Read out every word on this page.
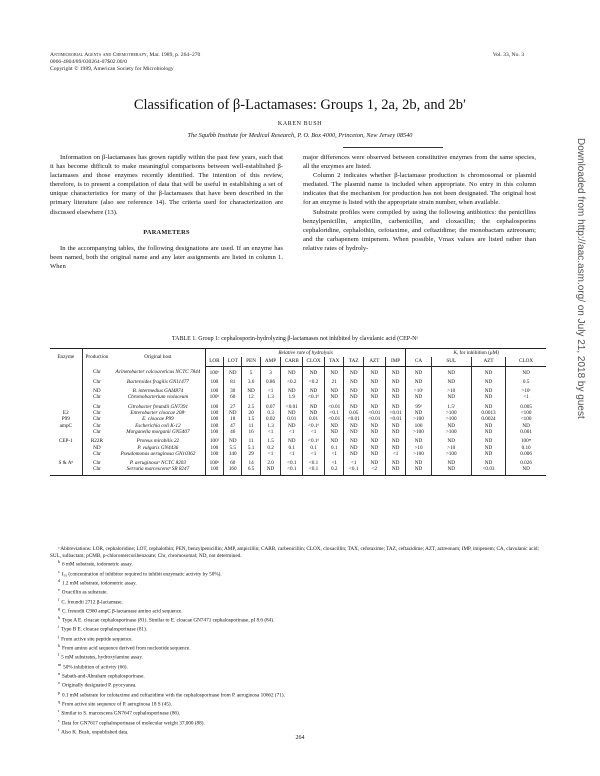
Antimicrobial Agents and Chemotherapy, Mar. 1989, p. 264–270
0066-4804/89/030264-07$02.00/0
Copyright © 1989, American Society for Microbiology
Vol. 33, No. 3
Classification of β-Lactamases: Groups 1, 2a, 2b, and 2b′
KAREN BUSH
The Squibb Institute for Medical Research, P. O. Box 4000, Princeton, New Jersey 08540

Information on β-lactamases has grown rapidly within the past few years, such that it has become difficult to make meaningful comparisons between well-established β-lactamases and those enzymes recently identified. The intention of this review, therefore, is to present a compilation of data that will be useful in establishing a set of unique characteristics for many of the β-lactamases that have been described in the primary literature (also see reference 14). The criteria used for characterization are discussed elsewhere (13).

PARAMETERS

In the accompanying tables, the following designations are used. If an enzyme has been named, both the original name and any later assignments are listed in column 1. When

major differences were observed between constitutive enzymes from the same species, all the enzymes are listed.

Column 2 indicates whether β-lactamase production is chromosomal or plasmid mediated. The plasmid name is included when appropriate. No entry in this column indicates that the mechanism for production has not been designated. The original host for an enzyme is listed with the appropriate strain number, when available.

Substrate profiles were compiled by using the following antibiotics: the penicillins benzylpenicillin, ampicillin, carbenicillin, and cloxacillin; the cephalosporins cephaloridine, cephalothin, cefotaxime, and ceftazidime; the monobactam aztreonam; and the carbapenem imipenem. When possible, Vmax values are listed rather than relative rates of hydroly-

TABLE 1. Group 1: cephalosporin-hydrolyzing β-lactamases not inhibited by clavulanic acid (CEP-Nᵃ
Enzyme	Production	Original host	Relative rate of hydrolysis										Kᵢ for inhibition (μM)			
			LOR	LOT	PEN	AMP	CARB	CLOX	TAX	TAZ	AZT	IMP	CA	SUL	AZT	CLOX
	Chr	Acinetobacter calcoaceticus NCTC 7844	100ᵇ	ND	5	3	ND	ND	ND	ND	ND	ND	ND	ND	ND	ND
	Chr	Bacteroides fragilis GN11477	100	81	3.6	0.86	<0.2	<0.2	21	ND	ND	ND	ND	ND	ND	0.5
	ND	B. intermedius GAI4874	100	30	ND	<1	ND	ND	ND	ND	ND	ND	>10ᶜ	>10	ND	>10ᶜ
	Chr	Chromobacterium violaceum	100ᵈ	60	12	1.3	1.9	<0.1ᵈ	ND	ND	ND	ND	ND	ND	ND	<1
	Chr	Citrobacter freundii GN7391	100	27	2.5	0.07	<0.01	ND	<0.01	ND	ND	ND	99ᶠ	1.5ᶠ	ND	0.005
E2	Chr	Enterobacter cloacae 208ᶜ	100	ND	20	0.3	ND	ND	<0.1	0.05	<0.01	<0.01	ND	>100	0.0013	<100
P99	Chr	E. cloacae P99	100	18	1.5	0.02	0.01	0.01	<0.01	<0.01	<0.01	<0.01	>100	>100	0.0024	<100
ampC	Chr	Escherichia coli K-12	100	47	11	1.3	ND	<0.1ᵈ	ND	ND	ND	ND	100	ND	ND	ND
	Chr	Morganella morganii GN5407	100	46	16	<1	<1	<1	ND	ND	ND	ND	>100	>100	ND	0.001
CEP-1	R22R	Proteus mirabilis 22	100ᶠ	ND	11	1.5	ND	<0.1ᵈ	ND	ND	ND	ND	ND	ND	ND	100ᵐ
	ND	P. vulgaris GN4436	100	5.5	5.1	0.2	0.1	0.1	0.1	ND	ND	ND	>10	>10	ND	0.10
	Chr	Pseudomonas aeruginosa GN10362	100	140	29	<1	<1	<1	<1	ND	ND	<1	>100	>100	ND	0.006
S & Aⁿ	Chr	P. aeruginosaᵒ NCTC 8203	100ᵖ	60	14	2.0	<0.1	<0.1	<1	<1	ND	ND	ND	ND	ND	0.026
	Chr	Serratia marcescensᵠ SR 8247	100	160	6.5	ND	<0.1	<0.1	0.2	<0.1	<2	ND	ND	ND	<0.03	ND

ᵃ Abbreviations: LOR, cephaloridine; LOT, cephalothin; PEN, benzylpenicillin; AMP, ampicillin; CARB, carbenicillin; CLOX, cloxacillin; TAX, cefotaxime; TAZ, ceftazidime; AZT, aztreonam; IMP, imipenem; CA, clavulanic acid; SUL, sulbactam; pCMB, p-chloromercuribenzoate; Chr, chromosomal; ND, not determined.

$^b$6 mM substrate, iodometric assay.
$^c$I₅₀ (concentration of inhibitor required to inhibit enzymatic activity by 50%).
$^d$1.2 mM substrate, iodometric assay.
$^e$Oxacillin as substrate.
$^f$C. freundii 2712 β-lactamase.
$^g$C. freundii C960 ampC β-lactamase amino acid sequence.
$^h$Type A E. cloacae cephalosporinase (81). Similar to E. cloacae GN7471 cephalosporinase, pI 8.6 (84).
$^i$Type B E. cloacae cephalosporinase (81).
$^j$From active site peptide sequence.
$^k$From amino acid sequence derived from nucleotide sequence.
$^l$5 mM substrates, hydroxylamine assay.
$^m$50% inhibition of activity (66).
$^n$Sabath-and-Abraham cephalosporinase.
$^o$Originally designated P. pyocyanea.
$^p$0.1 mM substrate for cefotaxime and ceftazidime with the cephalosporinase from P. aeruginosa 10662 (71).
$^q$From active site sequence of P. aeruginosa 18 S (45).
$^r$Similar to S. marcescens GN7647 cephalosporinase (86).
$^s$Data for GN7617 cephalosporinase of molecular weight 37,000 (88).
$^t$Also K. Bush, unpublished data.
264
Downloaded from http://aac.asm.org/ on July 21, 2018 by guest
